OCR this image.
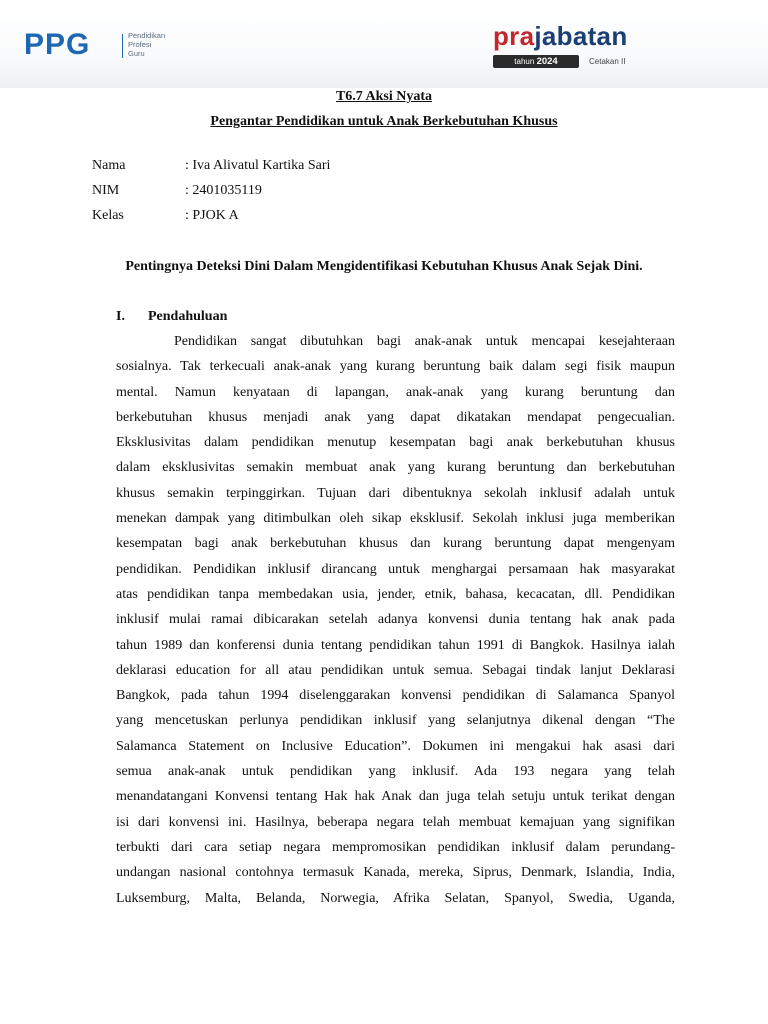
PPG	Pendidikan
Profesi
Guru
prajabatan
tahun 2024	Cetakan II
T6.7 Aksi Nyata
Pengantar Pendidikan untuk Anak Berkebutuhan Khusus
Nama	: Iva Alivatul Kartika Sari
NIM	: 2401035119
Kelas	: PJOK A
Pentingnya Deteksi Dini Dalam Mengidentifikasi Kebutuhan Khusus Anak Sejak Dini.
I. Pendahuluan
Pendidikan sangat dibutuhkan bagi anak-anak untuk mencapai kesejahteraan
sosialnya. Tak terkecuali anak-anak yang kurang beruntung baik dalam segi fisik maupun
mental. Namun kenyataan di lapangan, anak-anak yang kurang beruntung dan
berkebutuhan khusus menjadi anak yang dapat dikatakan mendapat pengecualian.
Eksklusivitas dalam pendidikan menutup kesempatan bagi anak berkebutuhan khusus
dalam eksklusivitas semakin membuat anak yang kurang beruntung dan berkebutuhan
khusus semakin terpinggirkan. Tujuan dari dibentuknya sekolah inklusif adalah untuk
menekan dampak yang ditimbulkan oleh sikap eksklusif. Sekolah inklusi juga memberikan
kesempatan bagi anak berkebutuhan khusus dan kurang beruntung dapat mengenyam
pendidikan. Pendidikan inklusif dirancang untuk menghargai persamaan hak masyarakat
atas pendidikan tanpa membedakan usia, jender, etnik, bahasa, kecacatan, dll. Pendidikan
inklusif mulai ramai dibicarakan setelah adanya konvensi dunia tentang hak anak pada
tahun 1989 dan konferensi dunia tentang pendidikan tahun 1991 di Bangkok. Hasilnya ialah
deklarasi education for all atau pendidikan untuk semua. Sebagai tindak lanjut Deklarasi
Bangkok, pada tahun 1994 diselenggarakan konvensi pendidikan di Salamanca Spanyol
yang mencetuskan perlunya pendidikan inklusif yang selanjutnya dikenal dengan “The
Salamanca Statement on Inclusive Education”. Dokumen ini mengakui hak asasi dari
semua anak-anak untuk pendidikan yang inklusif. Ada 193 negara yang telah
menandatangani Konvensi tentang Hak hak Anak dan juga telah setuju untuk terikat dengan
isi dari konvensi ini. Hasilnya, beberapa negara telah membuat kemajuan yang signifikan
terbukti dari cara setiap negara mempromosikan pendidikan inklusif dalam perundang-
undangan nasional contohnya termasuk Kanada, mereka, Siprus, Denmark, Islandia, India,
Luksemburg, Malta, Belanda, Norwegia, Afrika Selatan, Spanyol, Swedia, Uganda,
